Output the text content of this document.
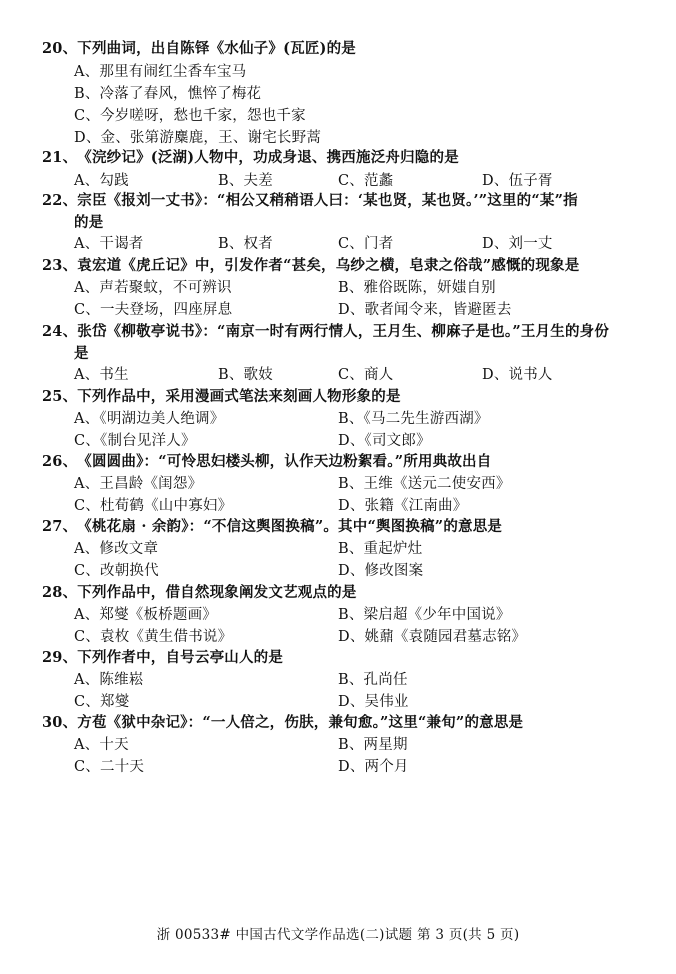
20、下列曲词，出自陈铎《水仙子》(瓦匠)的是
A、那里有闹红尘香车宝马
B、冷落了春风，憔悴了梅花
C、今岁嗟呀，愁也千家，怨也千家
D、金、张第游麋鹿，王、谢宅长野蒿
21、《浣纱记》(泛湖)人物中，功成身退、携西施泛舟归隐的是
A、勾践	B、夫差	C、范蠡	D、伍子胥
22、宗臣《报刘一丈书》：“相公又稍稍语人曰：‘某也贤，某也贤。’”这里的“某”指
的是
A、干谒者	B、权者	C、门者	D、刘一丈
23、袁宏道《虎丘记》中，引发作者“甚矣，乌纱之横，皂隶之俗哉”感慨的现象是
A、声若聚蚊，不可辨识	B、雅俗既陈，妍媸自别
C、一夫登场，四座屏息	D、歌者闻令来，皆避匿去
24、张岱《柳敬亭说书》：“南京一时有两行情人，王月生、柳麻子是也。”王月生的身份
是
A、书生	B、歌妓	C、商人	D、说书人
25、下列作品中，采用漫画式笔法来刻画人物形象的是
A、《明湖边美人绝调》	B、《马二先生游西湖》
C、《制台见洋人》	D、《司文郎》
26、《圆圆曲》：“可怜思妇楼头柳，认作天边粉絮看。”所用典故出自
A、王昌龄《闺怨》	B、王维《送元二使安西》
C、杜荀鹤《山中寡妇》	D、张籍《江南曲》
27、《桃花扇 · 余韵》：“不信这舆图换稿”。其中“舆图换稿”的意思是
A、修改文章	B、重起炉灶
C、改朝换代	D、修改图案
28、下列作品中，借自然现象阐发文艺观点的是
A、郑燮《板桥题画》	B、梁启超《少年中国说》
C、袁枚《黄生借书说》	D、姚鼐《袁随园君墓志铭》
29、下列作者中，自号云亭山人的是
A、陈维崧	B、孔尚任
C、郑燮	D、吴伟业
30、方苞《狱中杂记》：“一人倍之，伤肤，兼旬愈。”这里“兼旬”的意思是
A、十天	B、两星期
C、二十天	D、两个月
浙 00533# 中国古代文学作品选(二)试题 第 3 页(共 5 页)
